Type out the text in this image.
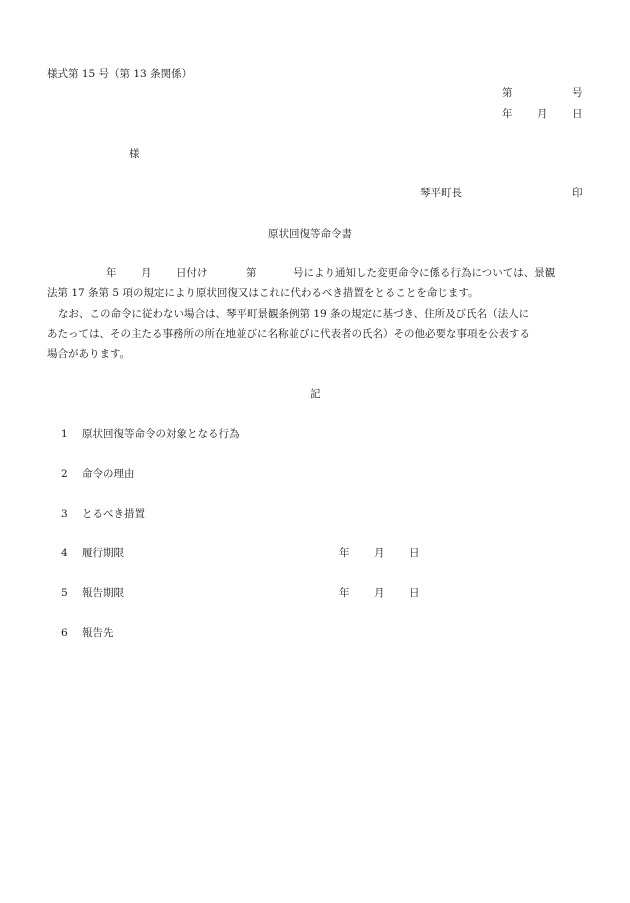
様式第 15 号（第 13 条関係）
第	号
年 月 日
様
琴平町長	印
原状回復等命令書
年 月 日付け	第	号により通知した変更命令に係る行為については、景観
法第 17 条第 5 項の規定により原状回復又はこれに代わるべき措置をとることを命じます。
なお、この命令に従わない場合は、琴平町景観条例第 19 条の規定に基づき、住所及び氏名（法人に
あたっては、その主たる事務所の所在地並びに名称並びに代表者の氏名）その他必要な事項を公表する
場合があります。
記
1 原状回復等命令の対象となる行為
2 命令の理由
3 とるべき措置
4 履行期限	年 月 日
5 報告期限	年 月 日
6 報告先
